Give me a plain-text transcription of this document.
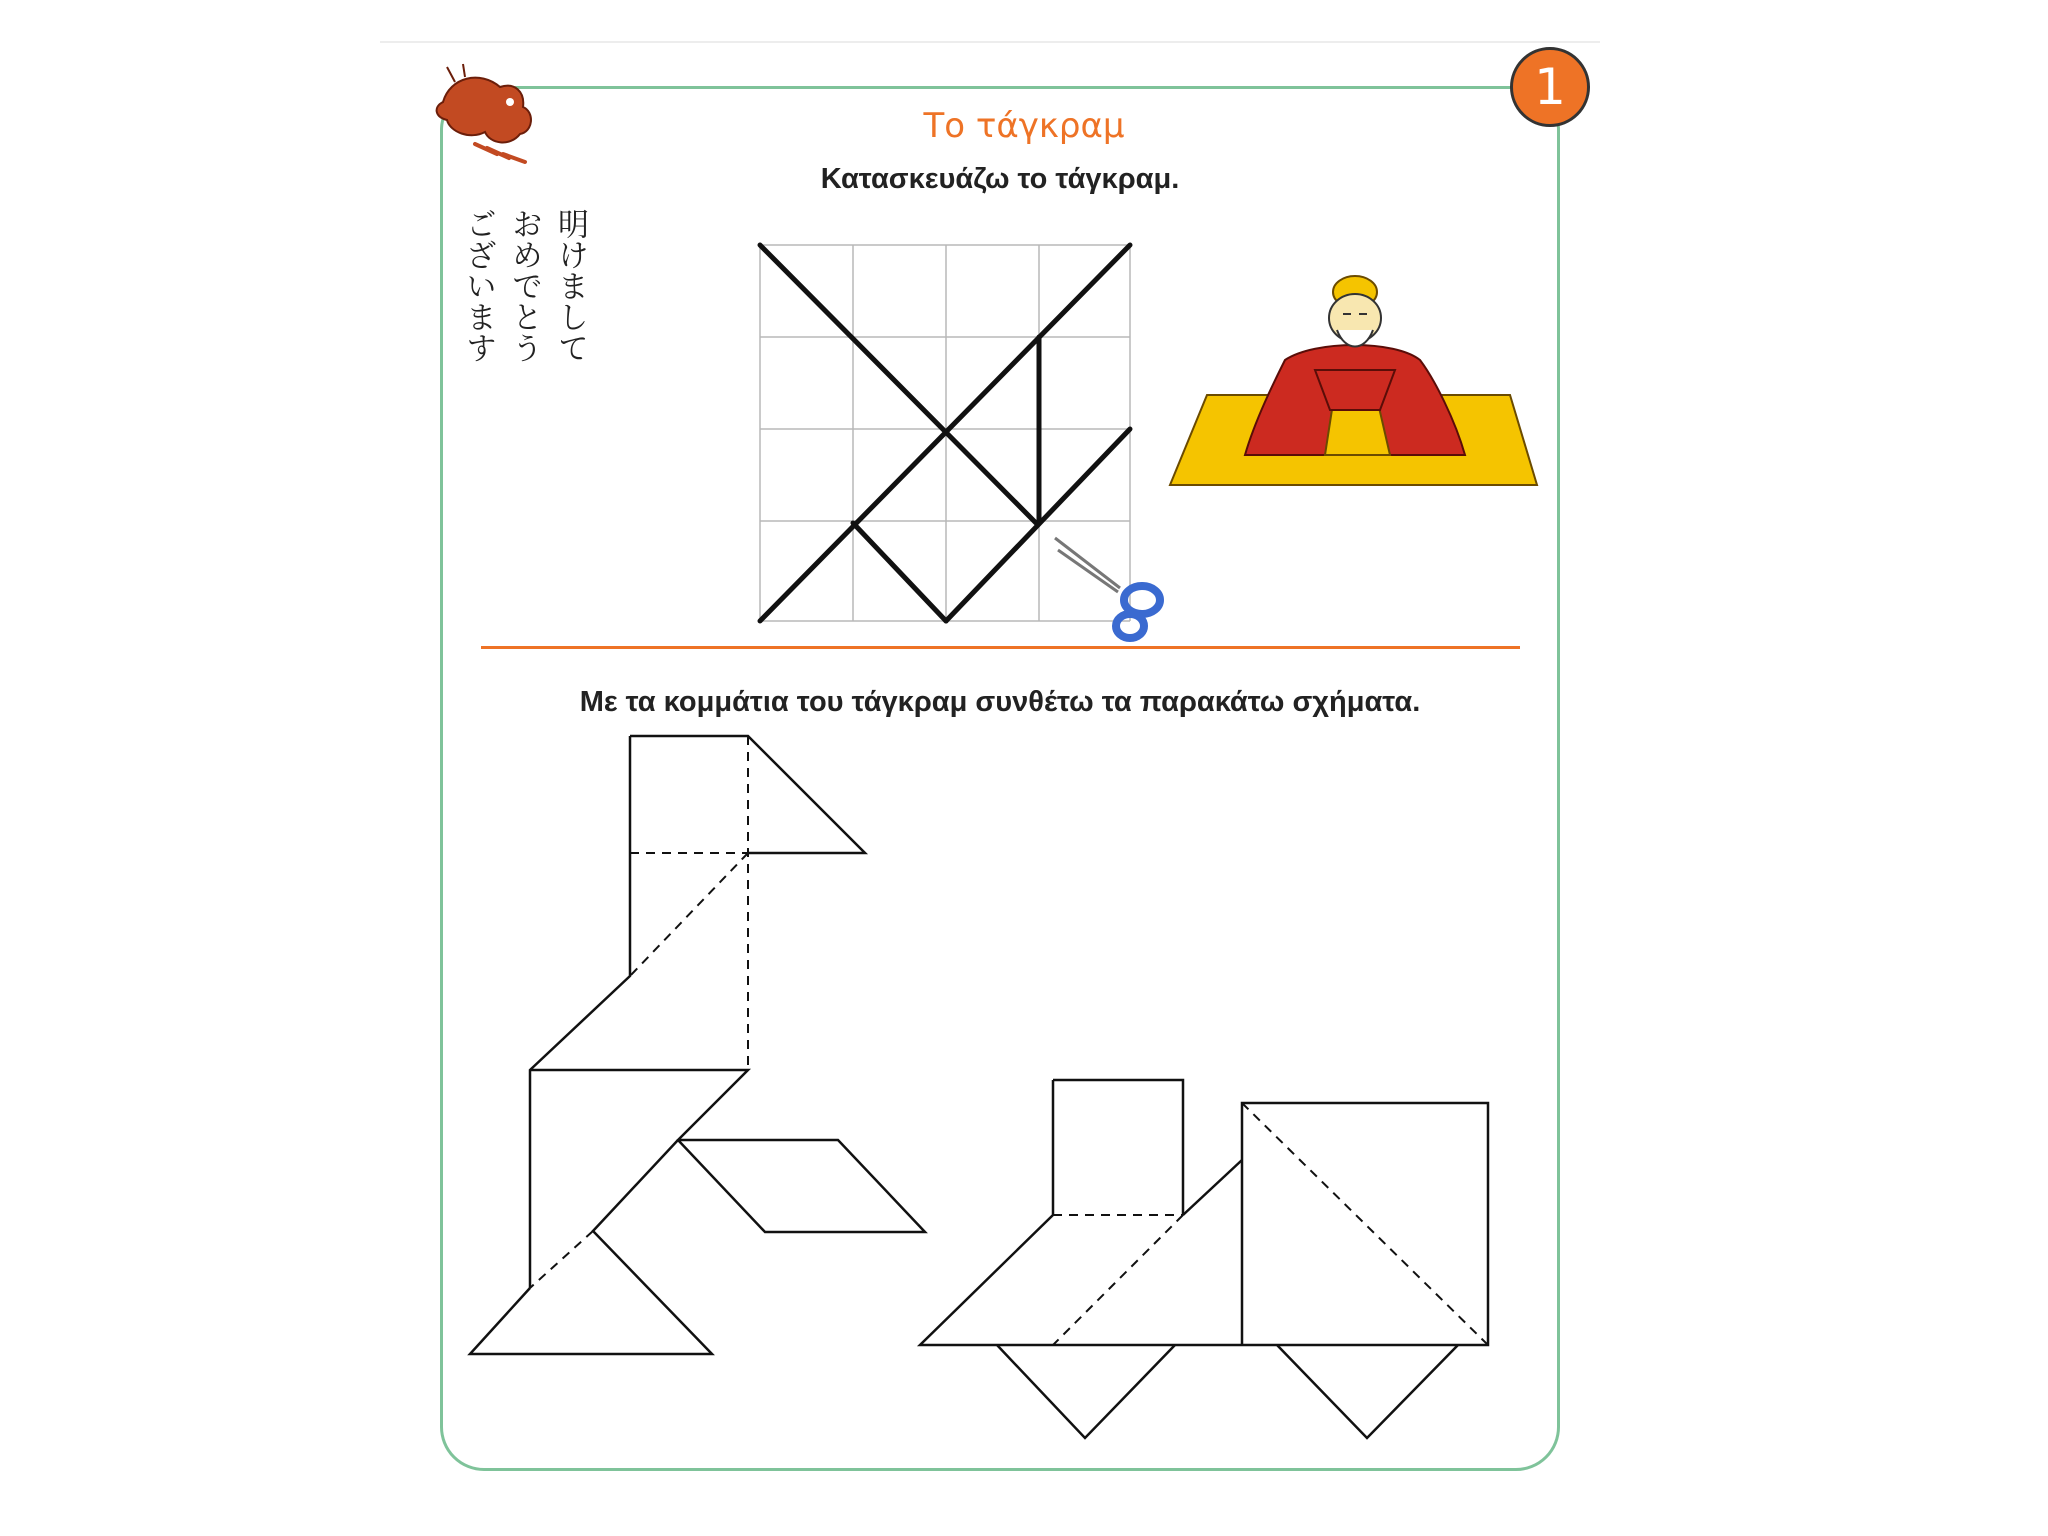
1
Το τάγκραμ
Κατασκευάζω το τάγκραμ.
明けましておめでとう
ございます
Με τα κομμάτια του τάγκραμ συνθέτω τα παρακάτω σχήματα.
